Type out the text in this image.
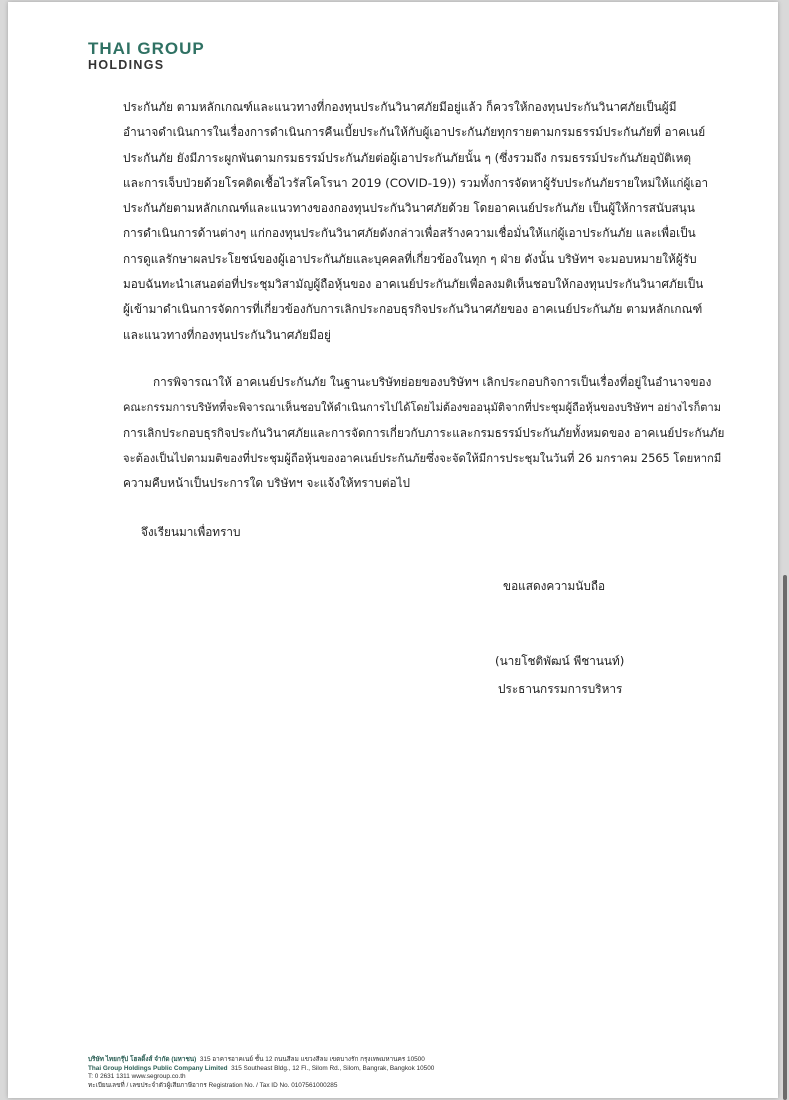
THAI GROUP
HOLDINGS
ประกันภัย ตามหลักเกณฑ์และแนวทางที่กองทุนประกันวินาศภัยมีอยู่แล้ว ก็ควรให้กองทุนประกันวินาศภัยเป็นผู้มี
อำนาจดำเนินการในเรื่องการดำเนินการคืนเบี้ยประกันให้กับผู้เอาประกันภัยทุกรายตามกรมธรรม์ประกันภัยที่ อาคเนย์
ประกันภัย ยังมีภาระผูกพันตามกรมธรรม์ประกันภัยต่อผู้เอาประกันภัยนั้น ๆ (ซึ่งรวมถึง กรมธรรม์ประกันภัยอุบัติเหตุ
และการเจ็บป่วยด้วยโรคติดเชื้อไวรัสโคโรนา 2019 (COVID-19)) รวมทั้งการจัดหาผู้รับประกันภัยรายใหม่ให้แก่ผู้เอา
ประกันภัยตามหลักเกณฑ์และแนวทางของกองทุนประกันวินาศภัยด้วย โดยอาคเนย์ประกันภัย เป็นผู้ให้การสนับสนุน
การดำเนินการด้านต่างๆ แก่กองทุนประกันวินาศภัยดังกล่าวเพื่อสร้างความเชื่อมั่นให้แก่ผู้เอาประกันภัย และเพื่อเป็น
การดูแลรักษาผลประโยชน์ของผู้เอาประกันภัยและบุคคลที่เกี่ยวข้องในทุก ๆ ฝ่าย ดังนั้น บริษัทฯ จะมอบหมายให้ผู้รับ
มอบฉันทะนำเสนอต่อที่ประชุมวิสามัญผู้ถือหุ้นของ อาคเนย์ประกันภัยเพื่อลงมติเห็นชอบให้กองทุนประกันวินาศภัยเป็น
ผู้เข้ามาดำเนินการจัดการที่เกี่ยวข้องกับการเลิกประกอบธุรกิจประกันวินาศภัยของ อาคเนย์ประกันภัย ตามหลักเกณฑ์
และแนวทางที่กองทุนประกันวินาศภัยมีอยู่
การพิจารณาให้ อาคเนย์ประกันภัย ในฐานะบริษัทย่อยของบริษัทฯ เลิกประกอบกิจการเป็นเรื่องที่อยู่ในอำนาจของ
คณะกรรมการบริษัทที่จะพิจารณาเห็นชอบให้ดำเนินการไปได้โดยไม่ต้องขออนุมัติจากที่ประชุมผู้ถือหุ้นของบริษัทฯ อย่างไรก็ตาม
การเลิกประกอบธุรกิจประกันวินาศภัยและการจัดการเกี่ยวกับภาระและกรมธรรม์ประกันภัยทั้งหมดของ อาคเนย์ประกันภัย
จะต้องเป็นไปตามมติของที่ประชุมผู้ถือหุ้นของอาคเนย์ประกันภัยซึ่งจะจัดให้มีการประชุมในวันที่ 26 มกราคม 2565 โดยหากมี
ความคืบหน้าเป็นประการใด บริษัทฯ จะแจ้งให้ทราบต่อไป
จึงเรียนมาเพื่อทราบ
ขอแสดงความนับถือ
(นายโชติพัฒน์ พีชานนท์)
ประธานกรรมการบริหาร
บริษัท ไทยกรุ๊ป โฮลดิ้งส์ จำกัด (มหาชน) 315 อาคารอาคเนย์ ชั้น 12 ถนนสีลม แขวงสีลม เขตบางรัก กรุงเทพมหานคร 10500
Thai Group Holdings Public Company Limited 315 Southeast Bldg., 12 Fl., Silom Rd., Silom, Bangrak, Bangkok 10500
T: 0 2631 1311 www.segroup.co.th
ทะเบียนเลขที่ / เลขประจำตัวผู้เสียภาษีอากร Registration No. / Tax ID No. 0107561000285
